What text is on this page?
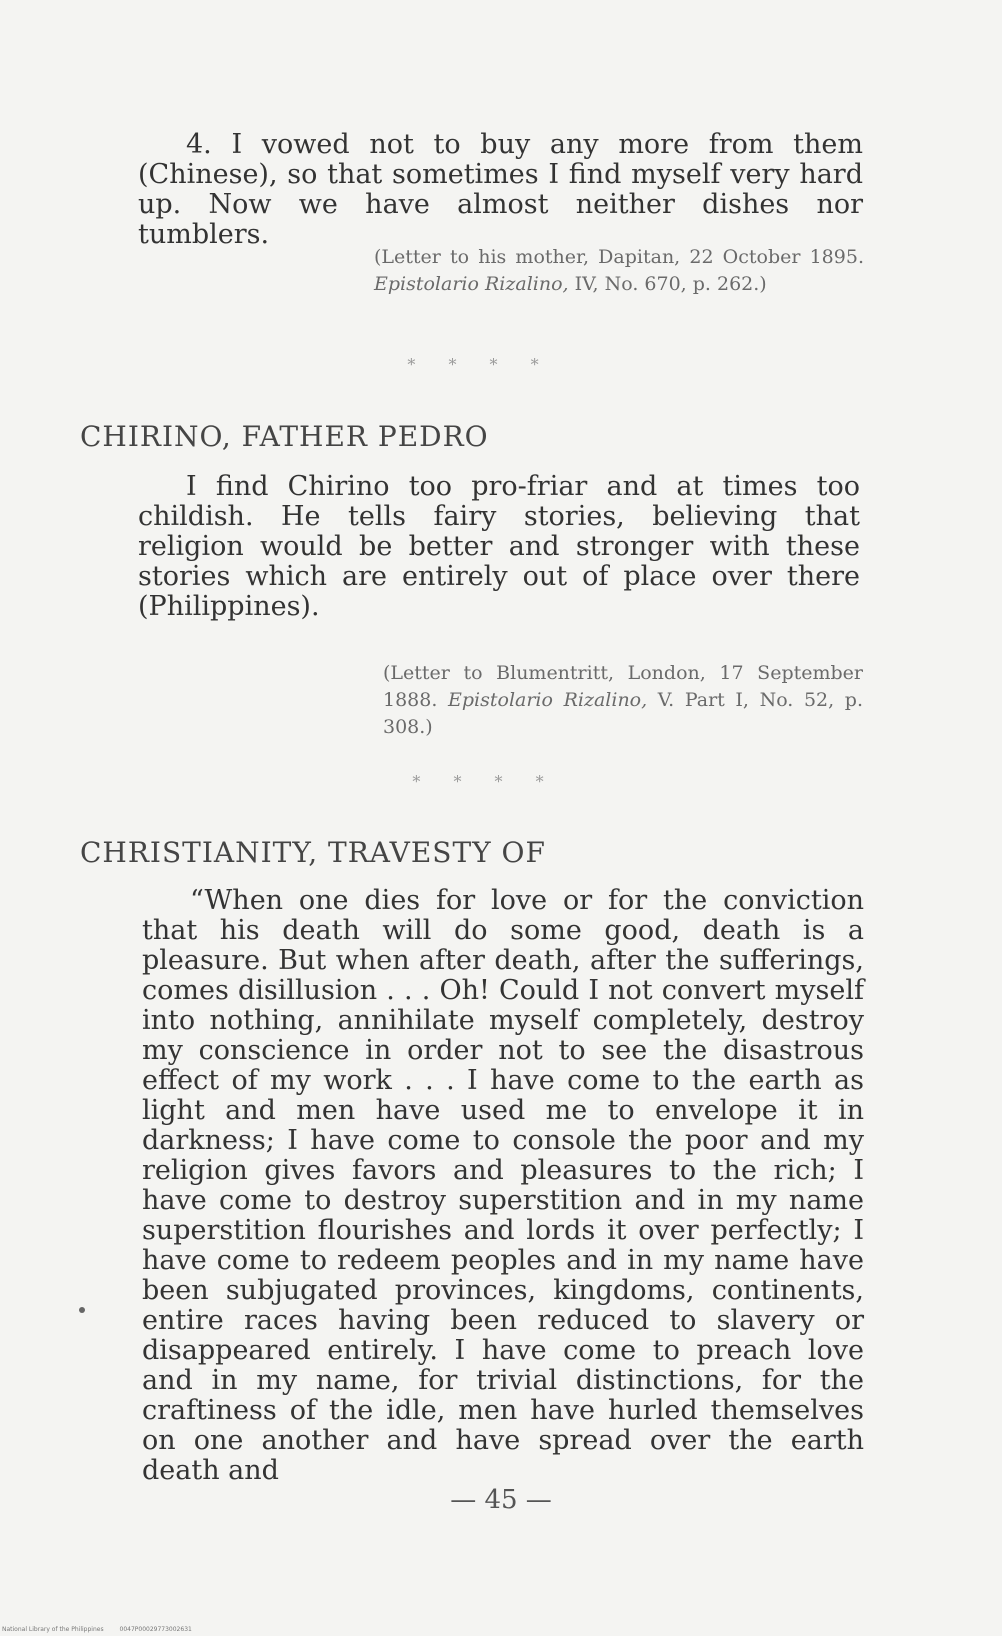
4. I vowed not to buy any more from them (Chinese), so that sometimes I find myself very hard up. Now we have almost neither dishes nor tumblers.

(Letter to his mother, Dapitan, 22 October 1895. Epistolario Rizalino, IV, No. 670, p. 262.)
* * * *
CHIRINO, FATHER PEDRO

I find Chirino too pro-friar and at times too childish. He tells fairy stories, believing that religion would be better and stronger with these stories which are entirely out of place over there (Philippines).

(Letter to Blumentritt, London, 17 September 1888. Epistolario Rizalino, V. Part I, No. 52, p. 308.)
* * * *
CHRISTIANITY, TRAVESTY OF

“When one dies for love or for the conviction that his death will do some good, death is a pleasure. But when after death, after the sufferings, comes disillusion . . . Oh! Could I not convert myself into nothing, annihilate myself completely, destroy my conscience in order not to see the disastrous effect of my work . . . I have come to the earth as light and men have used me to envelope it in darkness; I have come to console the poor and my religion gives favors and pleasures to the rich; I have come to destroy superstition and in my name superstition flourishes and lords it over perfectly; I have come to redeem peoples and in my name have been subjugated provinces, kingdoms, continents, entire races having been reduced to slavery or disappeared entirely. I have come to preach love and in my name, for trivial distinctions, for the craftiness of the idle, men have hurled themselves on one another and have spread over the earth death and

— 45 —
National Library of the Philippines	0047P00029773002631
